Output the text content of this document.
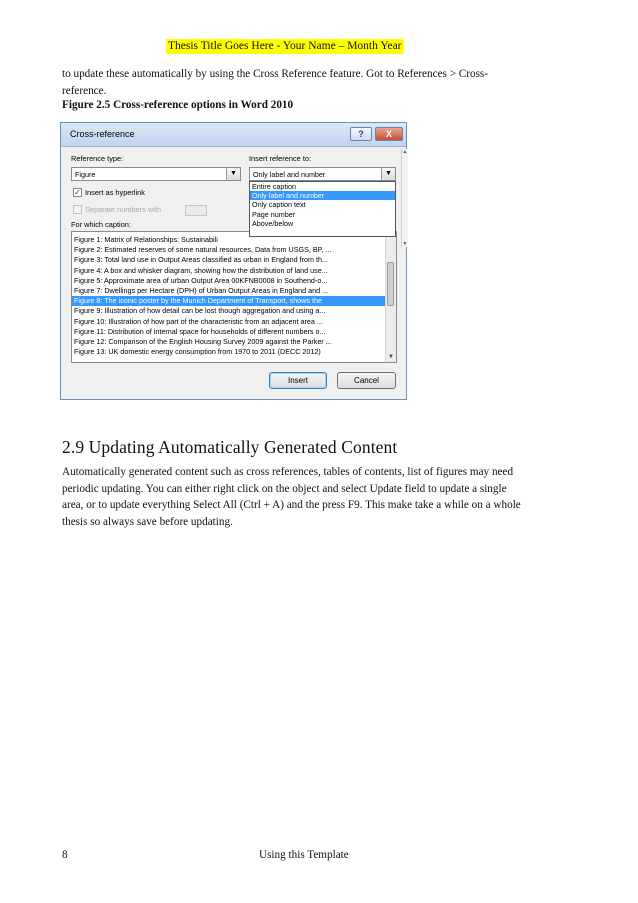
Thesis Title Goes Here - Your Name – Month Year
to update these automatically by using the Cross Reference feature. Got to References > Cross-reference.
Figure 2.5 Cross-reference options in Word 2010
Cross-reference	?	X
Reference type:
Figure	▼
Insert reference to:
Only label and number	▼
Entire caption
Only label and number
Only caption text
Page number
Above/below
✓ Insert as hyperlink
Separate numbers with
For which caption:
Figure 1: Matrix of Relationships: Sustainabili
Figure 2: Estimated reserves of some natural resources, Data from USGS, BP, ...
Figure 3: Total land use in Output Areas classified as urban in England from th...
Figure 4: A box and whisker diagram, showing how the distribution of land use...
Figure 5: Approximate area of urban Output Area 00KFNB0008 in Southend-o...
Figure 7: Dwellings per Hectare (DPH) of Urban Output Areas in England and ...
Figure 8: The iconic poster by the Munich Department of Transport, shows the
Figure 9: Illustration of how detail can be lost though aggregation and using a...
Figure 10: Illustration of how part of the characteristic from an adjacent area ...
Figure 11: Distribution of internal space for households of different numbers o...
Figure 12: Comparison of the English Housing Survey 2009 against the Parker ...
Figure 13: UK domestic energy consumption from 1970 to 2011 (DECC 2012)
▼
Insert	Cancel
▲
▼
2.9 Updating Automatically Generated Content
Automatically generated content such as cross references, tables of contents, list of figures may need periodic updating. You can either right click on the object and select Update field to update a single area, or to update everything Select All (Ctrl + A) and the press F9. This make take a while on a whole thesis so always save before updating.
8	Using this Template
